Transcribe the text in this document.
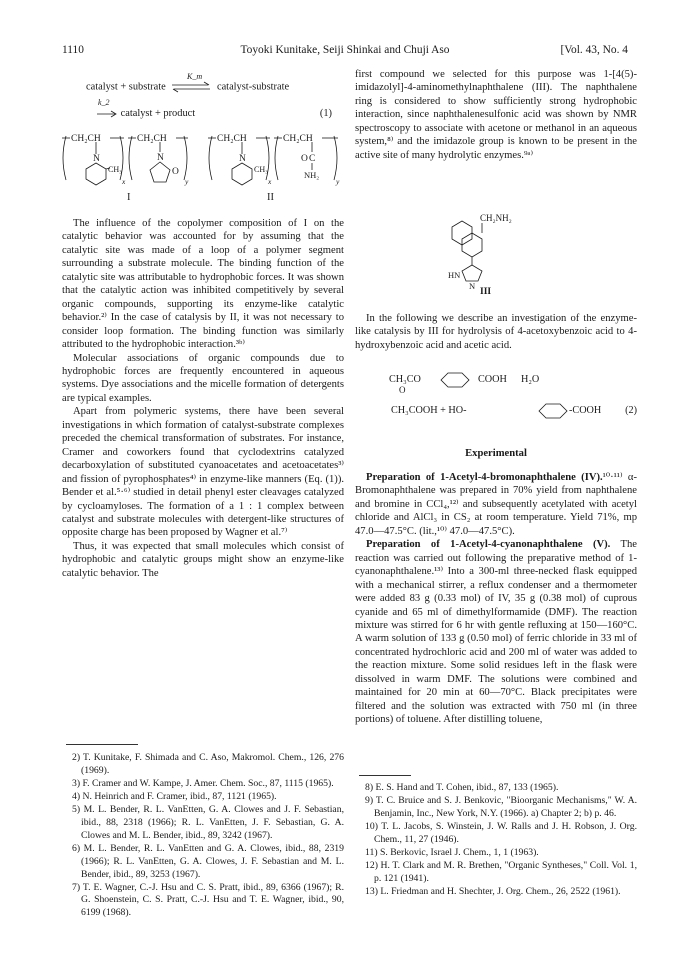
1110	Toyoki Kunitake, Seiji Shinkai and Chuji Aso	[Vol. 43, No. 4
catalyst + substrate	catalyst-substrate
K_m
k_2
catalyst + product	(1)
CH₂CH
N
CH₃
x
CH₂CH
N
O
y
CH₂CH
N
CH₃
x
CH₂CH
O C
NH₂
y
I	II

The influence of the copolymer composition of I on the catalytic behavior was accounted for by assuming that the catalytic site was made of a loop of a polymer segment surrounding a substrate molecule. The binding function of the catalytic site was attributable to hydrophobic forces. It was shown that the catalytic action was inhibited competitively by several organic compounds, supporting its enzyme-like catalytic behavior.²⁾ In the case of catalysis by II, it was not necessary to consider loop formation. The binding function was similarly attributed to the hydrophobic interaction.³ᵇ⁾

Molecular associations of organic compounds due to hydrophobic forces are frequently encountered in aqueous systems. Dye associations and the micelle formation of detergents are typical examples.

Apart from polymeric systems, there have been several investigations in which formation of catalyst-substrate complexes preceded the chemical transformation of substrates. For instance, Cramer and coworkers found that cyclodextrins catalyzed decarboxylation of substituted cyanoacetates and acetoacetates³⁾ and fission of pyrophosphates⁴⁾ in enzyme-like manners (Eq. (1)). Bender et al.⁵·⁶⁾ studied in detail phenyl ester cleavages catalyzed by cycloamyloses. The formation of a 1 : 1 complex between catalyst and substrate molecules with detergent-like structures of opposite charge has been proposed by Wagner et al.⁷⁾

Thus, it was expected that small molecules which consist of hydrophobic and catalytic groups might show an enzyme-like catalytic behavior. The

2) T. Kunitake, F. Shimada and C. Aso, Makromol. Chem., 126, 276 (1969).
3) F. Cramer and W. Kampe, J. Amer. Chem. Soc., 87, 1115 (1965).
4) N. Heinrich and F. Cramer, ibid., 87, 1121 (1965).
5) M. L. Bender, R. L. VanEtten, G. A. Clowes and J. F. Sebastian, ibid., 88, 2318 (1966); R. L. VanEtten, J. F. Sebastian, G. A. Clowes and M. L. Bender, ibid., 89, 3242 (1967).
6) M. L. Bender, R. L. VanEtten and G. A. Clowes, ibid., 88, 2319 (1966); R. L. VanEtten, G. A. Clowes, J. F. Sebastian and M. L. Bender, ibid., 89, 3253 (1967).
7) T. E. Wagner, C.-J. Hsu and C. S. Pratt, ibid., 89, 6366 (1967); R. G. Shoenstein, C. S. Pratt, C.-J. Hsu and T. E. Wagner, ibid., 90, 6199 (1968).

first compound we selected for this purpose was 1-[4(5)-imidazolyl]-4-aminomethylnaphthalene (III). The naphthalene ring is considered to show sufficiently strong hydrophobic interaction, since naphthalenesulfonic acid was shown by NMR spectroscopy to associate with acetone or methanol in an aqueous system,⁸⁾ and the imidazole group is known to be present in the active site of many hydrolytic enzymes.⁹ᵃ⁾

CH₂NH₂
HN
N
III

In the following we describe an investigation of the enzyme-like catalysis by III for hydrolysis of 4-acetoxybenzoic acid to 4-hydroxybenzoic acid and acetic acid.

CH₃CO
O
COOH H₂O
CH₃COOH + HO-	-COOH (2)
Experimental

Preparation of 1-Acetyl-4-bromonaphthalene (IV).¹⁰·¹¹⁾ α-Bromonaphthalene was prepared in 70% yield from naphthalene and bromine in CCl₄,¹²⁾ and subsequently acetylated with acetyl chloride and AlCl₃ in CS₂ at room temperature. Yield 71%, mp 47.0—47.5°C. (lit.,¹⁰⁾ 47.0—47.5°C).

Preparation of 1-Acetyl-4-cyanonaphthalene (V). The reaction was carried out following the preparative method of 1-cyanonaphthalene.¹³⁾ Into a 300-ml three-necked flask equipped with a mechanical stirrer, a reflux condenser and a thermometer were added 83 g (0.33 mol) of IV, 35 g (0.38 mol) of cuprous cyanide and 65 ml of dimethylformamide (DMF). The reaction mixture was stirred for 6 hr with gentle refluxing at 150—160°C. A warm solution of 133 g (0.50 mol) of ferric chloride in 33 ml of concentrated hydrochloric acid and 200 ml of water was added to the reaction mixture. Some solid residues left in the flask were dissolved in warm DMF. The solutions were combined and maintained for 20 min at 60—70°C. Black precipitates were filtered and the solution was extracted with 750 ml (in three portions) of toluene. After distilling toluene,

8) E. S. Hand and T. Cohen, ibid., 87, 133 (1965).
9) T. C. Bruice and S. J. Benkovic, "Bioorganic Mechanisms," W. A. Benjamin, Inc., New York, N.Y. (1966). a) Chapter 2; b) p. 46.
10) T. L. Jacobs, S. Winstein, J. W. Ralls and J. H. Robson, J. Org. Chem., 11, 27 (1946).
11) S. Berkovic, Israel J. Chem., 1, 1 (1963).
12) H. T. Clark and M. R. Brethen, "Organic Syntheses," Coll. Vol. 1, p. 121 (1941).
13) L. Friedman and H. Shechter, J. Org. Chem., 26, 2522 (1961).
